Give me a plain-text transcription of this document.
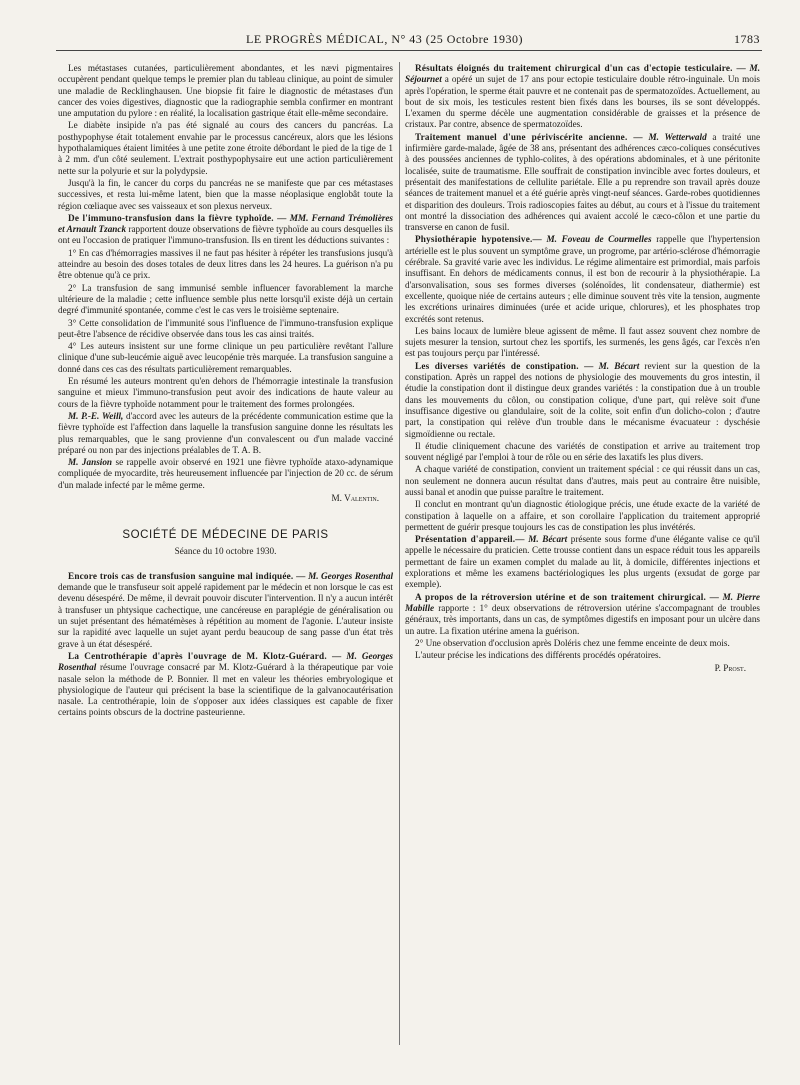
LE PROGRÈS MÉDICAL, N° 43 (25 Octobre 1930)	1783

Les métastases cutanées, particulièrement abondantes, et les nævi pigmentaires occupèrent pendant quelque temps le premier plan du tableau clinique, au point de simuler une maladie de Recklinghausen. Une biopsie fit faire le diagnostic de métastases d'un cancer des voies digestives, diagnostic que la radiographie sembla confirmer en montrant une amputation du pylore : en réalité, la localisation gastrique était elle-même secondaire.

Le diabète insipide n'a pas été signalé au cours des cancers du pancréas. La posthypophyse était totalement envahie par le processus cancéreux, alors que les lésions hypothalamiques étaient limitées à une petite zone étroite débordant le pied de la tige de 1 à 2 mm. d'un côté seulement. L'extrait posthypophysaire eut une action particulièrement nette sur la polyurie et sur la polydypsie.

Jusqu'à la fin, le cancer du corps du pancréas ne se manifeste que par ces métastases successives, et resta lui-même latent, bien que la masse néoplasique englobât toute la région cœliaque avec ses vaisseaux et son plexus nerveux.

De l'immuno-transfusion dans la fièvre typhoïde. — MM. Fernand Trémolières et Arnault Tzanck rapportent douze observations de fièvre typhoïde au cours desquelles ils ont eu l'occasion de pratiquer l'immuno-transfusion. Ils en tirent les déductions suivantes :

1° En cas d'hémorragies massives il ne faut pas hésiter à répéter les transfusions jusqu'à atteindre au besoin des doses totales de deux litres dans les 24 heures. La guérison n'a pu être obtenue qu'à ce prix.

2° La transfusion de sang immunisé semble influencer favorablement la marche ultérieure de la maladie ; cette influence semble plus nette lorsqu'il existe déjà un certain degré d'immunité spontanée, comme c'est le cas vers le troisième septenaire.

3° Cette consolidation de l'immunité sous l'influence de l'immuno-transfusion explique peut-être l'absence de récidive observée dans tous les cas ainsi traités.

4° Les auteurs insistent sur une forme clinique un peu particulière revêtant l'allure clinique d'une sub-leucémie aiguë avec leucopénie très marquée. La transfusion sanguine a donné dans ces cas des résultats particulièrement remarquables.

En résumé les auteurs montrent qu'en dehors de l'hémorragie intestinale la transfusion sanguine et mieux l'immuno-transfusion peut avoir des indications de haute valeur au cours de la fièvre typhoïde notamment pour le traitement des formes prolongées.

M. P.-E. Weill, d'accord avec les auteurs de la précédente communication estime que la fièvre typhoïde est l'affection dans laquelle la transfusion sanguine donne les résultats les plus remarquables, que le sang provienne d'un convalescent ou d'un malade vacciné préparé ou non par des injections préalables de T. A. B.

M. Jansion se rappelle avoir observé en 1921 une fièvre typhoïde ataxo-adynamique compliquée de myocardite, très heureusement influencée par l'injection de 20 cc. de sérum d'un malade infecté par le même germe.

M. Valentin.
SOCIÉTÉ DE MÉDECINE DE PARIS
Séance du 10 octobre 1930.

Encore trois cas de transfusion sanguine mal indiquée. — M. Georges Rosenthal demande que le transfuseur soit appelé rapidement par le médecin et non lorsque le cas est devenu désespéré. De même, il devrait pouvoir discuter l'intervention. Il n'y a aucun intérêt à transfuser un phtysique cachectique, une cancéreuse en paraplégie de généralisation ou un sujet présentant des hématémèses à répétition au moment de l'agonie. L'auteur insiste sur la rapidité avec laquelle un sujet ayant perdu beaucoup de sang passe d'un état très grave à un état désespéré.

La Centrothérapie d'après l'ouvrage de M. Klotz-Guérard. — M. Georges Rosenthal résume l'ouvrage consacré par M. Klotz-Guérard à la thérapeutique par voie nasale selon la méthode de P. Bonnier. Il met en valeur les théories embryologique et physiologique de l'auteur qui précisent la base la scientifique de la galvanocautérisation nasale. La centrothérapie, loin de s'opposer aux idées classiques est capable de fixer certains points obscurs de la doctrine pasteurienne.

Résultats éloignés du traitement chirurgical d'un cas d'ectopie testiculaire. — M. Séjournet a opéré un sujet de 17 ans pour ectopie testiculaire double rétro-inguinale. Un mois après l'opération, le sperme était pauvre et ne contenait pas de spermatozoïdes. Actuellement, au bout de six mois, les testicules restent bien fixés dans les bourses, ils se sont développés. L'examen du sperme décèle une augmentation considérable de graisses et la présence de cristaux. Par contre, absence de spermatozoïdes.

Traitement manuel d'une périviscérite ancienne. — M. Wetterwald a traité une infirmière garde-malade, âgée de 38 ans, présentant des adhérences cæco-coliques consécutives à des poussées anciennes de typhlo-colites, à des opérations abdominales, et à une péritonite localisée, suite de traumatisme. Elle souffrait de constipation invincible avec fortes douleurs, et présentait des manifestations de cellulite pariétale. Elle a pu reprendre son travail après douze séances de traitement manuel et a été guérie après vingt-neuf séances. Garde-robes quotidiennes et disparition des douleurs. Trois radioscopies faites au début, au cours et à l'issue du traitement ont montré la dissociation des adhérences qui avaient accolé le cæco-côlon et une partie du transverse en canon de fusil.

Physiothérapie hypotensive.— M. Foveau de Courmelles rappelle que l'hypertension artérielle est le plus souvent un symptôme grave, un progrome, par artério-sclérose d'hémorragie cérébrale. Sa gravité varie avec les individus. Le régime alimentaire est primordial, mais parfois insuffisant. En dehors de médicaments connus, il est bon de recourir à la physiothérapie. La d'arsonvalisation, sous ses formes diverses (solénoïdes, lit condensateur, diathermie) est excellente, quoique niée de certains auteurs ; elle diminue souvent très vite la tension, augmente les excrétions urinaires diminuées (urée et acide urique, chlorures), et les phosphates trop excrétés sont retenus.

Les bains locaux de lumière bleue agissent de même. Il faut assez souvent chez nombre de sujets mesurer la tension, surtout chez les sportifs, les surmenés, les gens âgés, car l'excès n'en est pas toujours perçu par l'intéressé.

Les diverses variétés de constipation. — M. Bécart revient sur la question de la constipation. Après un rappel des notions de physiologie des mouvements du gros intestin, il étudie la constipation dont il distingue deux grandes variétés : la constipation due à un trouble dans les mouvements du côlon, ou constipation colique, d'une part, qui relève soit d'une insuffisance digestive ou glandulaire, soit de la colite, soit enfin d'un dolicho-colon ; d'autre part, la constipation qui relève d'un trouble dans le mécanisme évacuateur : dyschésie sigmoïdienne ou rectale.

Il étudie cliniquement chacune des variétés de constipation et arrive au traitement trop souvent négligé par l'emploi à tour de rôle ou en série des laxatifs les plus divers.

A chaque variété de constipation, convient un traitement spécial : ce qui réussit dans un cas, non seulement ne donnera aucun résultat dans d'autres, mais peut au contraire être nuisible, aussi banal et anodin que puisse paraître le traitement.

Il conclut en montrant qu'un diagnostic étiologique précis, une étude exacte de la variété de constipation à laquelle on a affaire, et son corollaire l'application du traitement approprié permettent de guérir presque toujours les cas de constipation les plus invétérés.

Présentation d'appareil.— M. Bécart présente sous forme d'une élégante valise ce qu'il appelle le nécessaire du praticien. Cette trousse contient dans un espace réduit tous les appareils permettant de faire un examen complet du malade au lit, à domicile, différentes injections et explorations et même les examens bactériologiques les plus urgents (exsudat de gorge par exemple).

A propos de la rétroversion utérine et de son traitement chirurgical. — M. Pierre Mabille rapporte : 1° deux observations de rétroversion utérine s'accompagnant de troubles généraux, très importants, dans un cas, de symptômes digestifs en imposant pour un ulcère dans un autre. La fixation utérine amena la guérison.

2° Une observation d'occlusion après Doléris chez une femme enceinte de deux mois.

L'auteur précise les indications des différents procédés opératoires.

P. Prost.
